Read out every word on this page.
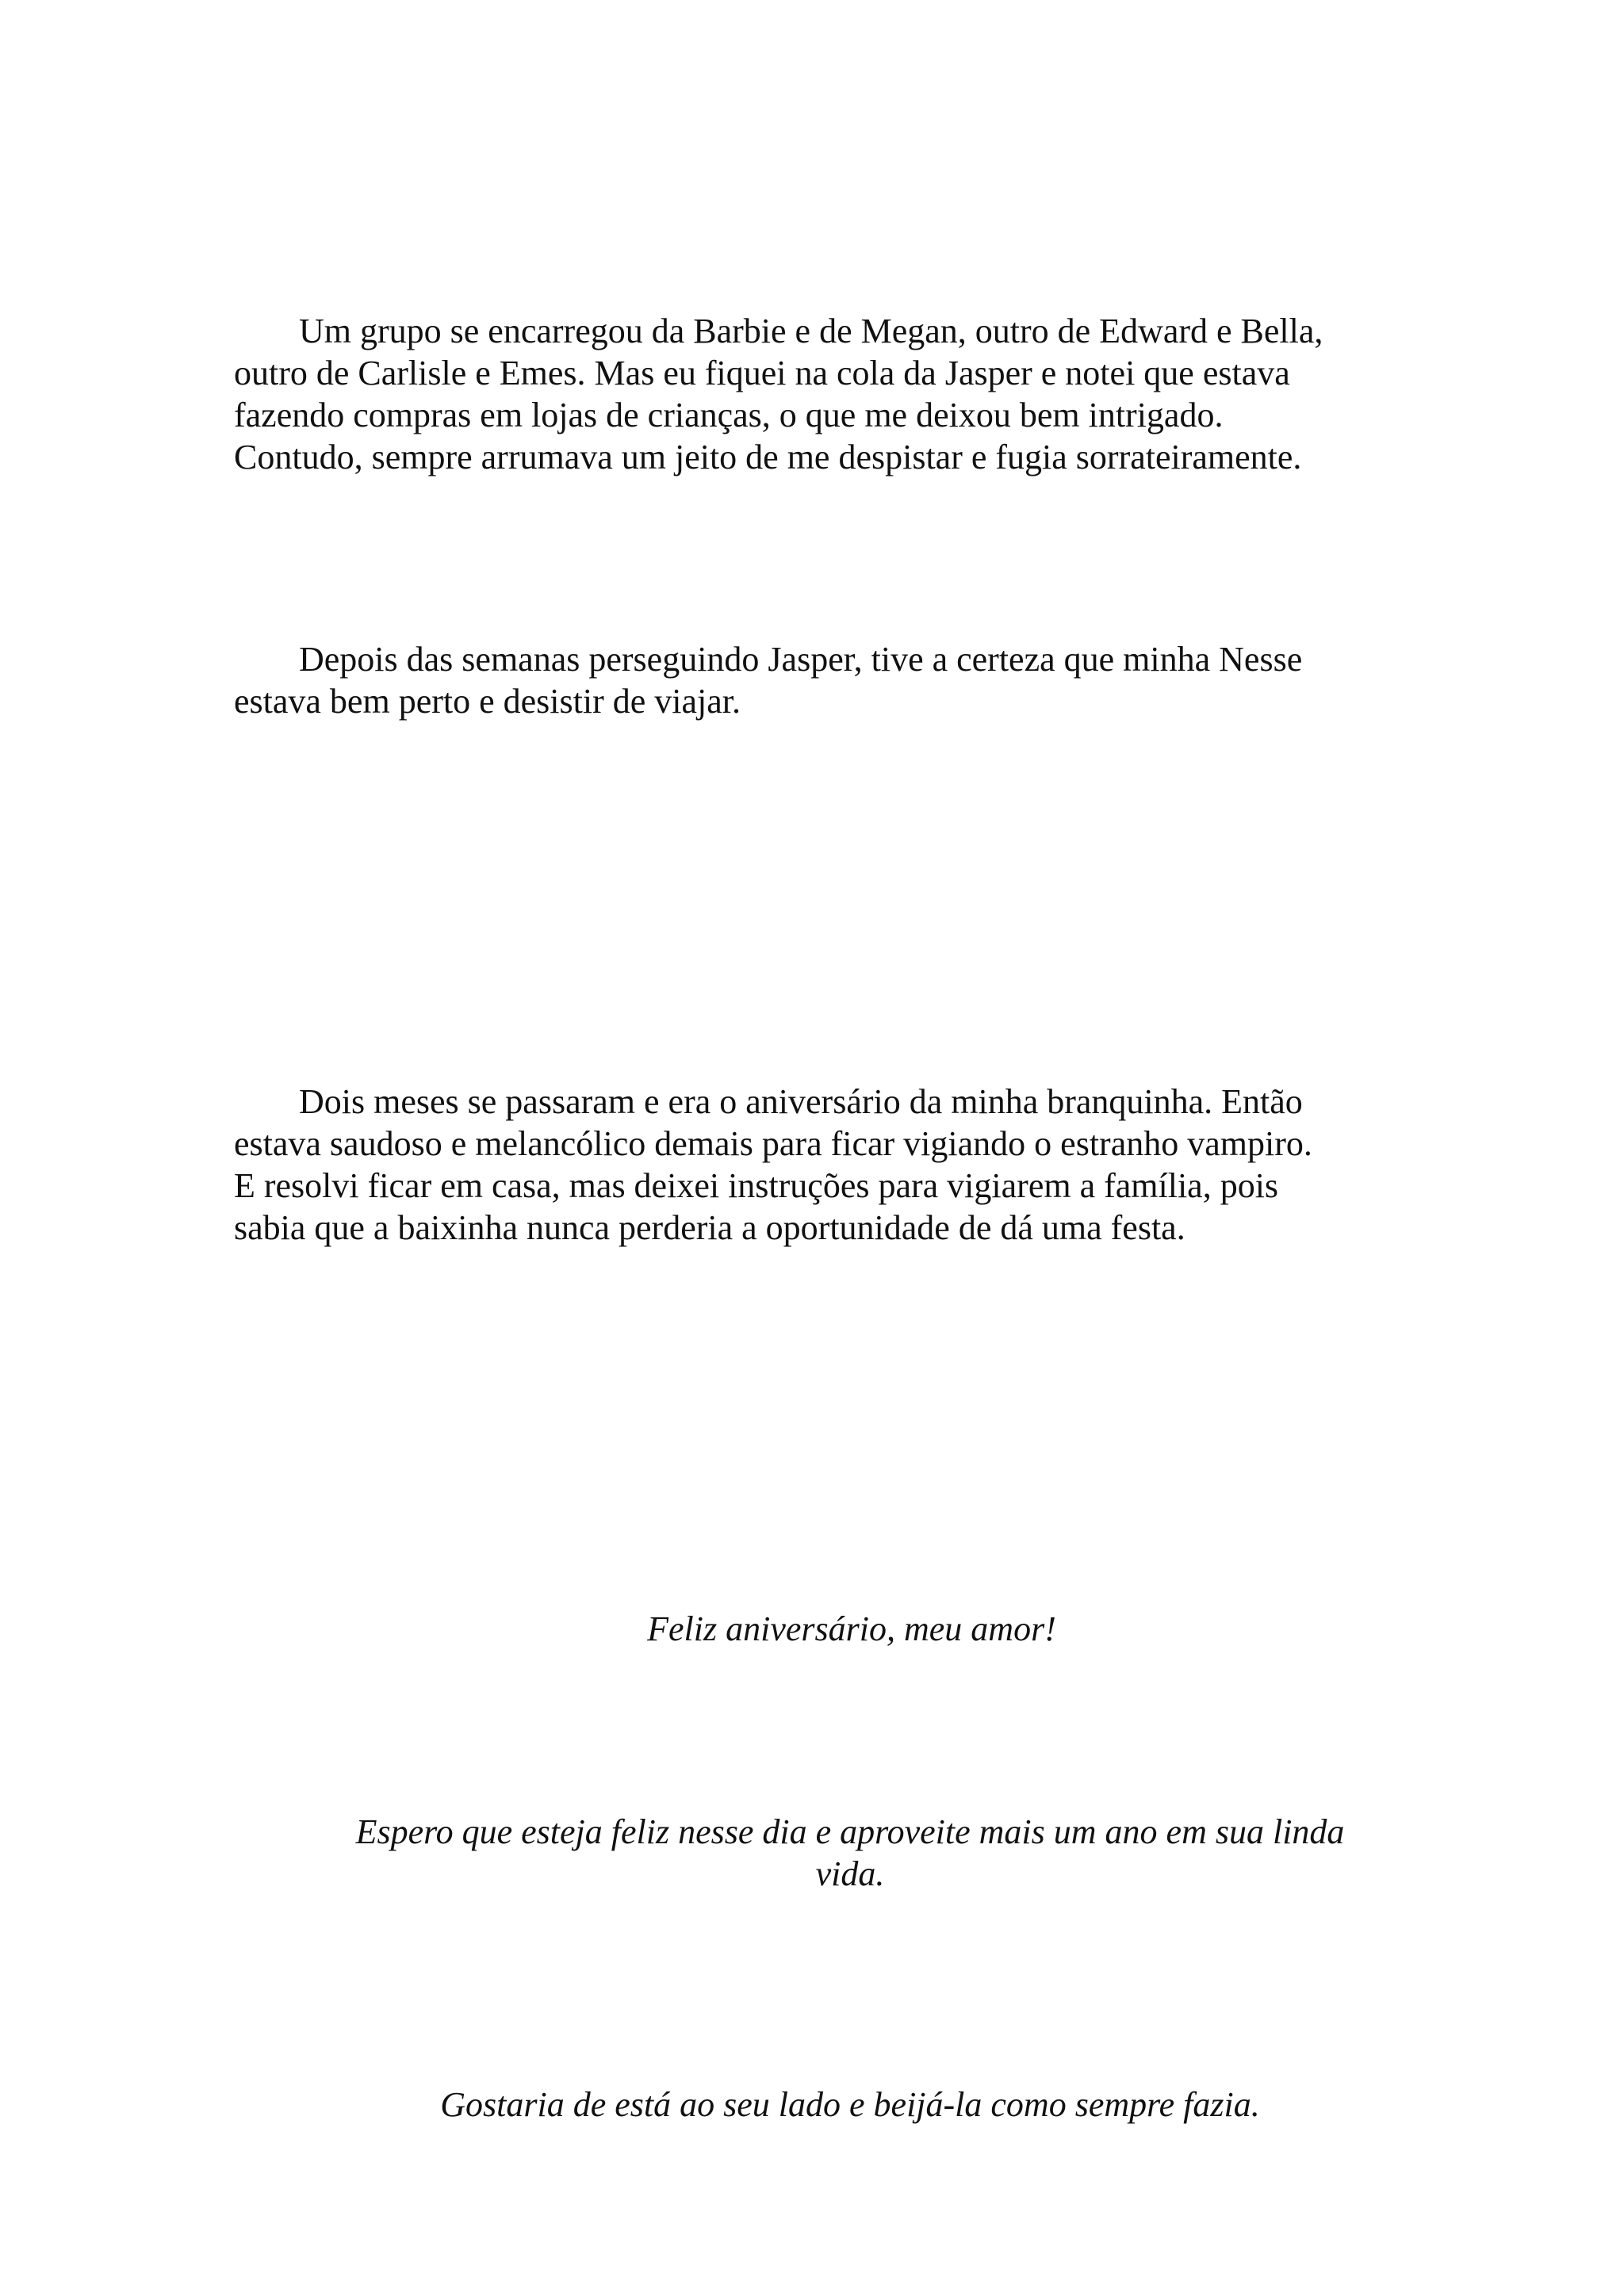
Um grupo se encarregou da Barbie e de Megan, outro de Edward e Bella,
outro de Carlisle e Emes. Mas eu fiquei na cola da Jasper e notei que estava
fazendo compras em lojas de crianças, o que me deixou bem intrigado.
Contudo, sempre arrumava um jeito de me despistar e fugia sorrateiramente.

Depois das semanas perseguindo Jasper, tive a certeza que minha Nesse
estava bem perto e desistir de viajar.

Dois meses se passaram e era o aniversário da minha branquinha. Então
estava saudoso e melancólico demais para ficar vigiando o estranho vampiro.
E resolvi ficar em casa, mas deixei instruções para vigiarem a família, pois
sabia que a baixinha nunca perderia a oportunidade de dá uma festa.

Feliz aniversário, meu amor!

Espero que esteja feliz nesse dia e aproveite mais um ano em sua linda
vida.

Gostaria de está ao seu lado e beijá-la como sempre fazia.
